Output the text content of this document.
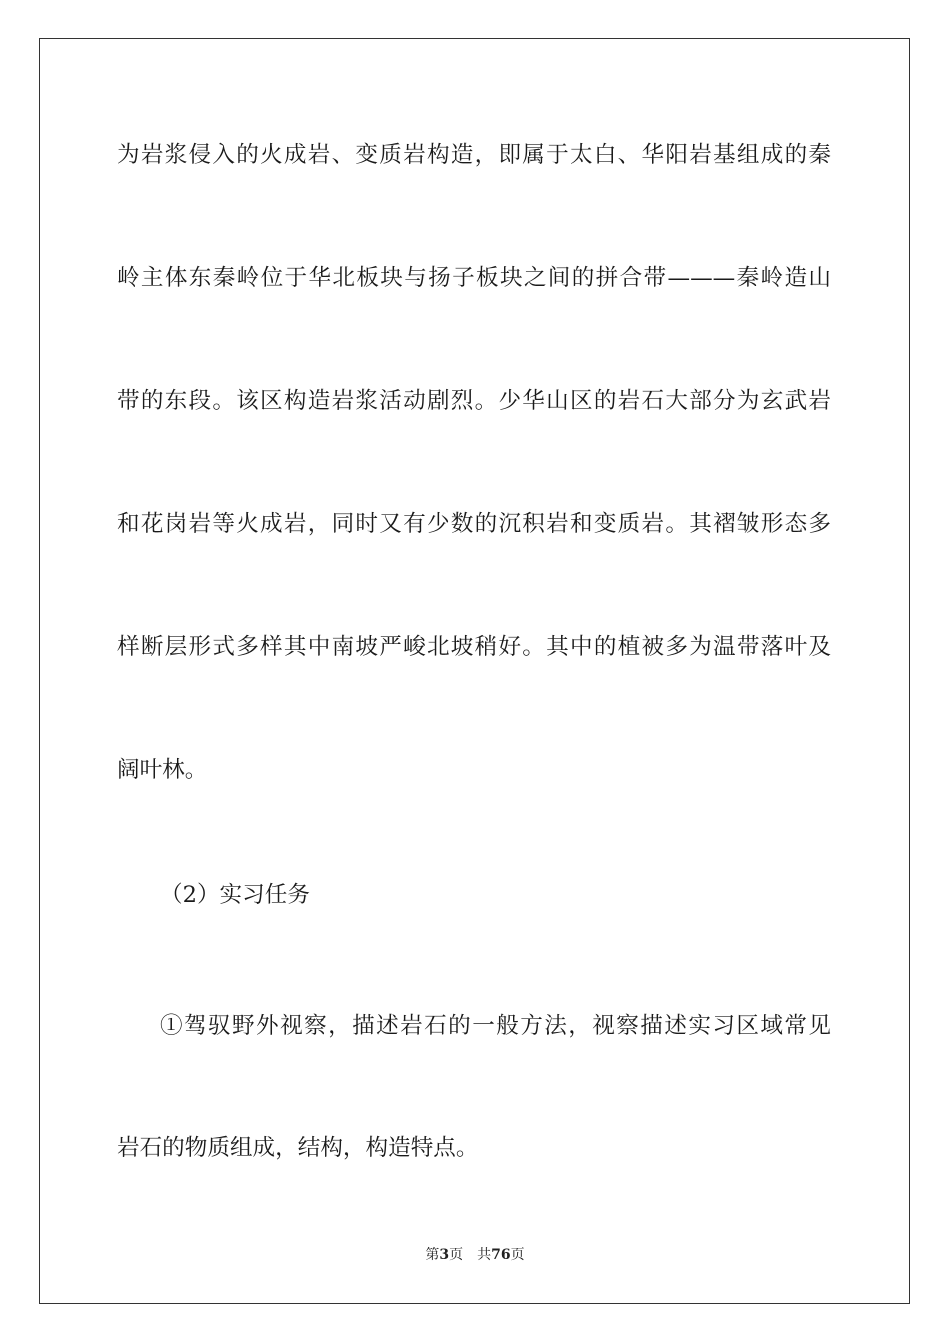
为岩浆侵入的火成岩、变质岩构造，即属于太白、华阳岩基组成的秦
岭主体东秦岭位于华北板块与扬子板块之间的拼合带———秦岭造山
带的东段。该区构造岩浆活动剧烈。少华山区的岩石大部分为玄武岩
和花岗岩等火成岩，同时又有少数的沉积岩和变质岩。其褶皱形态多
样断层形式多样其中南坡严峻北坡稍好。其中的植被多为温带落叶及
阔叶林。
（2）实习任务
①驾驭野外视察，描述岩石的一般方法，视察描述实习区域常见
岩石的物质组成，结构，构造特点。
第3页 共76页
